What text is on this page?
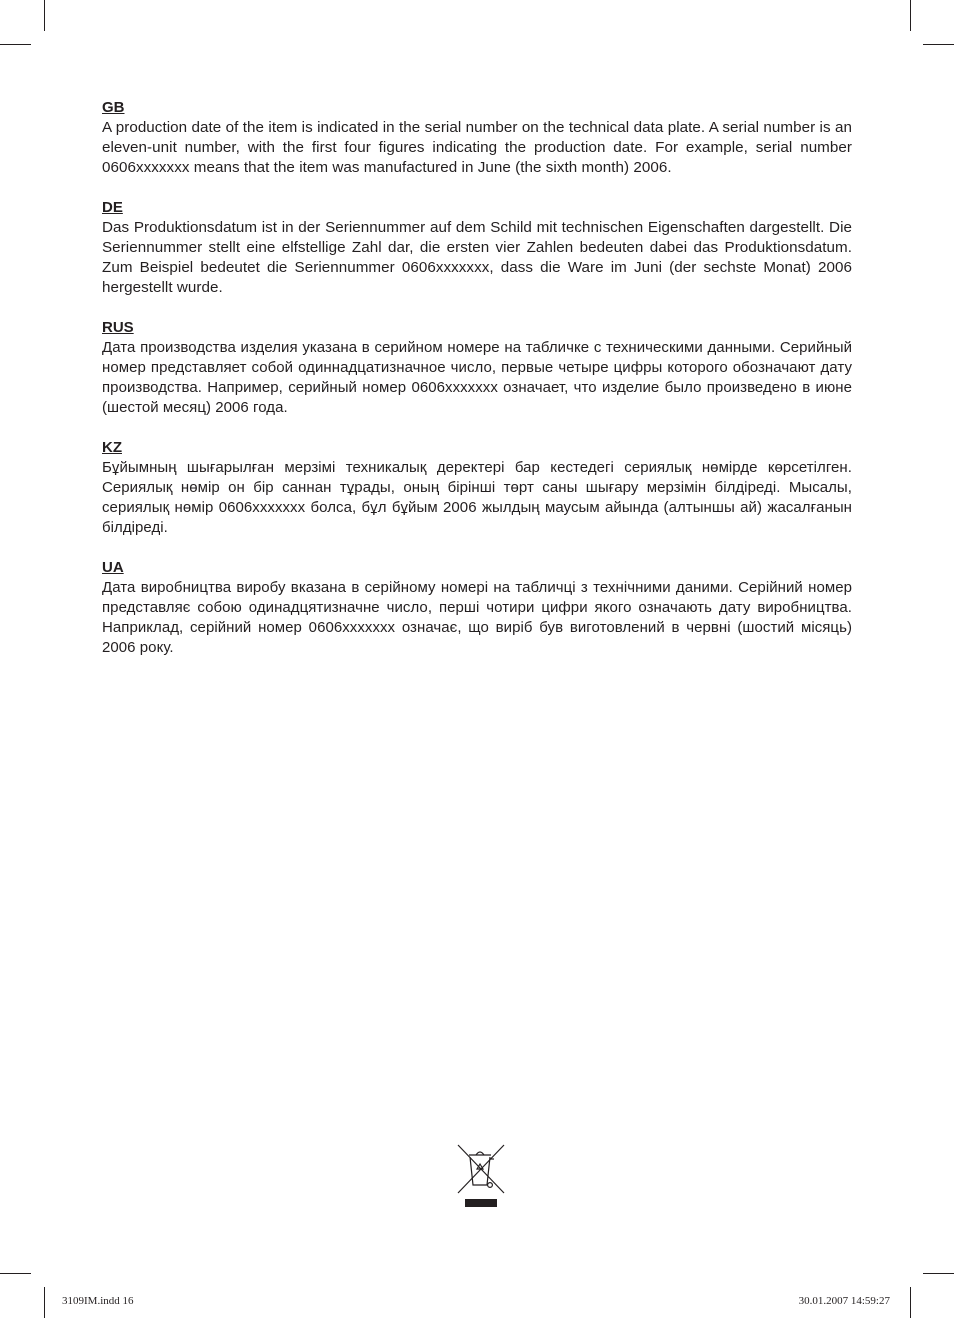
GB

A production date of the item is indicated in the serial number on the technical data plate. A serial number is an eleven-unit number, with the first four figures indicating the production date. For example, serial number 0606xxxxxxx means that the item was manufactured in June (the sixth month) 2006.

DE

Das Produktionsdatum ist in der Seriennummer auf dem Schild mit technischen Eigenschaften dargestellt. Die Seriennummer stellt eine elfstellige Zahl dar, die ersten vier Zahlen bedeuten dabei das Produktionsdatum. Zum Beispiel bedeutet die Seriennummer 0606xxxxxxx, dass die Ware im Juni (der sechste Monat) 2006 hergestellt wurde.

RUS

Дата производства изделия указана в серийном номере на табличке с техническими данными. Серийный номер представляет собой одиннадцатизначное число, первые четыре цифры которого обозначают дату производства. Например, серийный номер 0606xxxxxxx означает, что изделие было произведено в июне (шестой месяц) 2006 года.

KZ

Бұйымның шығарылған мерзімі техникалық деректері бар кестедегі сериялық нөмірде көрсетілген. Сериялық нөмір он бір саннан тұрады, оның бірінші төрт саны шығару мерзімін білдіреді. Мысалы, сериялық нөмір 0606xxxxxxx болса, бұл бұйым 2006 жылдың маусым айында (алтыншы ай) жасалғанын білдіреді.

UA

Дата виробництва виробу вказана в серійному номері на табличці з технічними даними. Серійний номер представляє собою одинадцятизначне число, перші чотири цифри якого означають дату виробництва. Наприклад, серійний номер 0606xxxxxxx означає, що виріб був виготовлений в червні (шостий місяць) 2006 року.

3109IM.indd 16	30.01.2007 14:59:27
